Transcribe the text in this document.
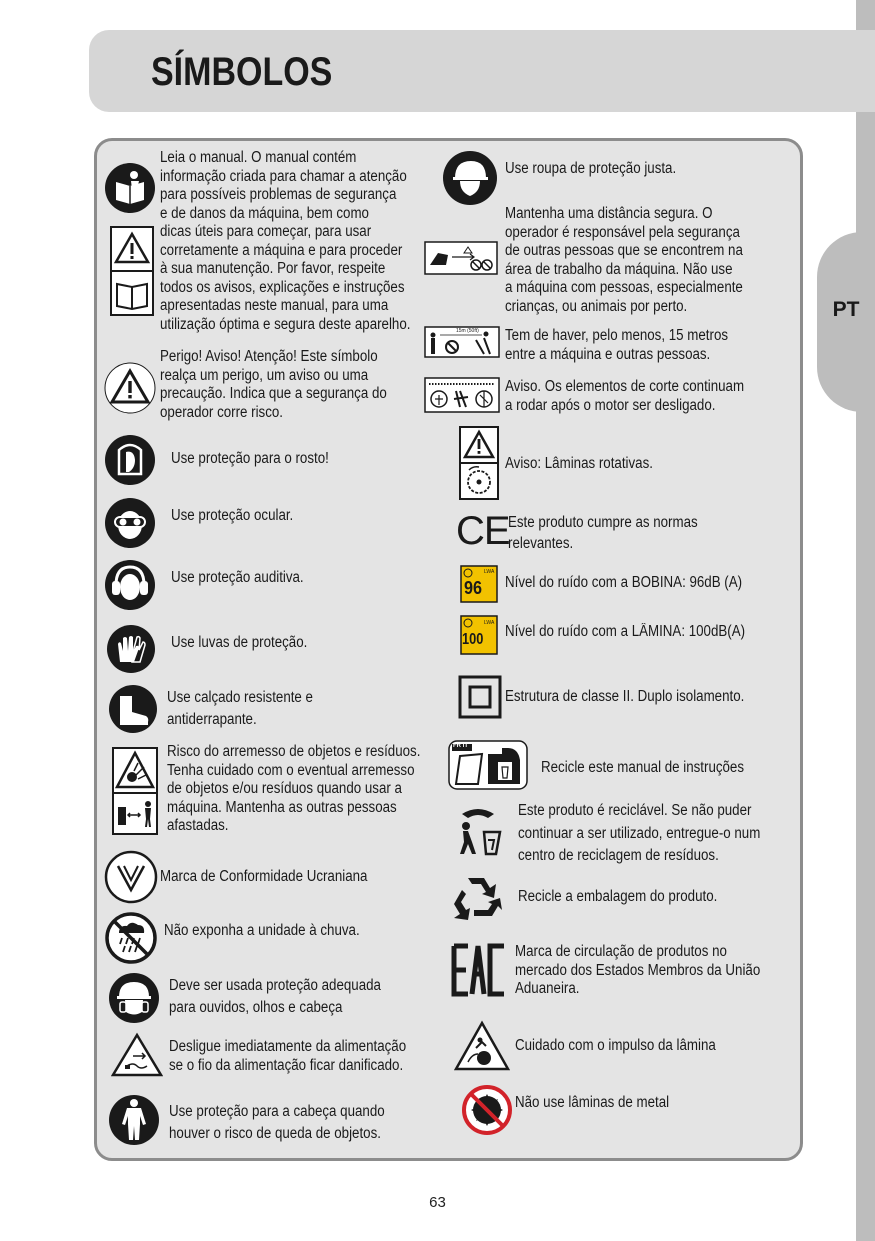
PT
SÍMBOLOS
Leia o manual. O manual contém
informação criada para chamar a atenção
para possíveis problemas de segurança
e de danos da máquina, bem como
dicas úteis para começar, para usar
corretamente a máquina e para proceder
à sua manutenção. Por favor, respeite
todos os avisos, explicações e instruções
apresentadas neste manual, para uma
utilização óptima e segura deste aparelho.
Perigo! Aviso! Atenção! Este símbolo
realça um perigo, um aviso ou uma
precaução. Indica que a segurança do
operador corre risco.
Use proteção para o rosto!
Use proteção ocular.
Use proteção auditiva.
Use luvas de proteção.
Use calçado resistente e
antiderrapante.
Risco do arremesso de objetos e resíduos.
Tenha cuidado com o eventual arremesso
de objetos e/ou resíduos quando usar a
máquina. Mantenha as outras pessoas
afastadas.
Marca de Conformidade Ucraniana
Não exponha a unidade à chuva.
Deve ser usada proteção adequada
para ouvidos, olhos e cabeça
Desligue imediatamente da alimentação
se o fio da alimentação ficar danificado.
Use proteção para a cabeça quando
houver o risco de queda de objetos.
Use roupa de proteção justa.
Mantenha uma distância segura. O
operador é responsável pela segurança
de outras pessoas que se encontrem na
área de trabalho da máquina. Não use
a máquina com pessoas, especialmente
crianças, ou animais por perto.
15m (50ft) Tem de haver, pelo menos, 15 metros
entre a máquina e outras pessoas.
Aviso. Os elementos de corte continuam
a rodar após o motor ser desligado.
Aviso: Lâminas rotativas.
CE
Este produto cumpre as normas
relevantes.
96
LWA
Nível do ruído com a BOBINA: 96dB (A)
100
LWA Nível do ruído com a LÂMINA: 100dB(A)
Estrutura de classe II. Duplo isolamento.
FR IT
Recicle este manual de instruções
Este produto é reciclável. Se não puder
continuar a ser utilizado, entregue-o num
centro de reciclagem de resíduos.
Recicle a embalagem do produto.
Marca de circulação de produtos no
mercado dos Estados Membros da União
Aduaneira.
Cuidado com o impulso da lâmina
Não use lâminas de metal
63
